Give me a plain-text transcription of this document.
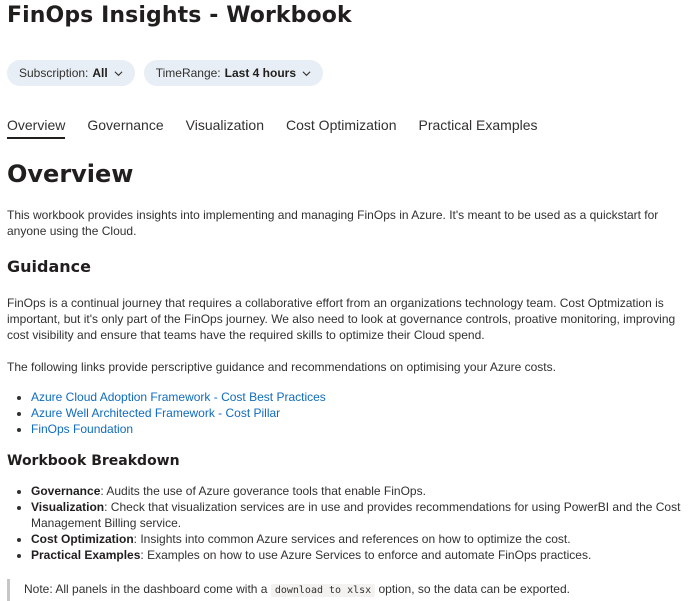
FinOps Insights - Workbook
Subscription: All	TimeRange: Last 4 hours
Overview Governance Visualization Cost Optimization Practical Examples
Overview

This workbook provides insights into implementing and managing FinOps in Azure. It's meant to be used as a quickstart for anyone using the Cloud.

Guidance

FinOps is a continual journey that requires a collaborative effort from an organizations technology team. Cost Optmization is important, but it's only part of the FinOps journey. We also need to look at governance controls, proative monitoring, improving cost visibility and ensure that teams have the required skills to optimize their Cloud spend.

The following links provide perscriptive guidance and recommendations on optimising your Azure costs.

• Azure Cloud Adoption Framework - Cost Best Practices
• Azure Well Architected Framework - Cost Pillar
• FinOps Foundation
Workbook Breakdown
• Governance: Audits the use of Azure goverance tools that enable FinOps.
• Visualization: Check that visualization services are in use and provides recommendations for using PowerBI and the Cost Management Billing service.
• Cost Optimization: Insights into common Azure services and references on how to optimize the cost.
• Practical Examples: Examples on how to use Azure Services to enforce and automate FinOps practices.
Note: All panels in the dashboard come with a download to xlsx option, so the data can be exported.
